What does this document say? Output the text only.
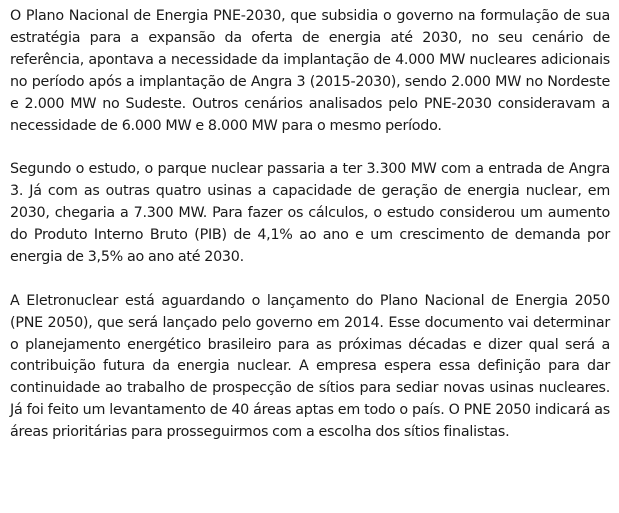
O Plano Nacional de Energia PNE-2030, que subsidia o governo na formulação de sua estratégia para a expansão da oferta de energia até 2030, no seu cenário de referência, apontava a necessidade da implantação de 4.000 MW nucleares adicionais no período após a implantação de Angra 3 (2015-2030), sendo 2.000 MW no Nordeste e 2.000 MW no Sudeste. Outros cenários analisados pelo PNE-2030 consideravam a necessidade de 6.000 MW e 8.000 MW para o mesmo período.

Segundo o estudo, o parque nuclear passaria a ter 3.300 MW com a entrada de Angra 3. Já com as outras quatro usinas a capacidade de geração de energia nuclear, em 2030, chegaria a 7.300 MW. Para fazer os cálculos, o estudo considerou um aumento do Produto Interno Bruto (PIB) de 4,1% ao ano e um crescimento de demanda por energia de 3,5% ao ano até 2030.

A Eletronuclear está aguardando o lançamento do Plano Nacional de Energia 2050 (PNE 2050), que será lançado pelo governo em 2014. Esse documento vai determinar o planejamento energético brasileiro para as próximas décadas e dizer qual será a contribuição futura da energia nuclear. A empresa espera essa definição para dar continuidade ao trabalho de prospecção de sítios para sediar novas usinas nucleares. Já foi feito um levantamento de 40 áreas aptas em todo o país. O PNE 2050 indicará as áreas prioritárias para prosseguirmos com a escolha dos sítios finalistas.
